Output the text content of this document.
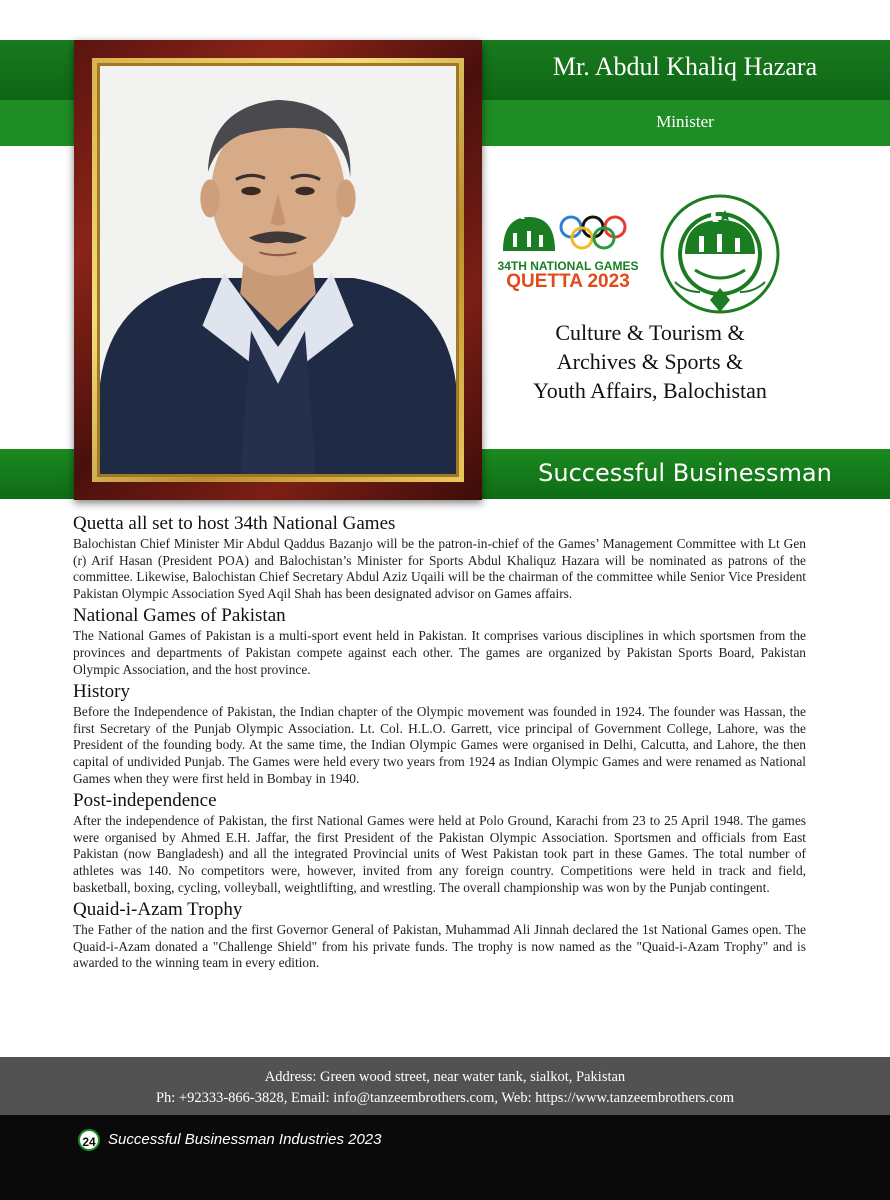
Mr. Abdul Khaliq Hazara
Minister
Successful Businessman
34TH NATIONAL GAMES
QUETTA 2023
Culture & Tourism &
Archives & Sports &
Youth Affairs, Balochistan
Quetta all set to host 34th National Games

Balochistan Chief Minister Mir Abdul Qaddus Bazanjo will be the patron-in-chief of the Games’ Management Committee with Lt Gen (r) Arif Hasan (President POA) and Balochistan’s Minister for Sports Abdul Khaliquz Hazara will be nominated as patrons of the committee. Likewise, Balochistan Chief Secretary Abdul Aziz Uqaili will be the chairman of the committee while Senior Vice President Pakistan Olympic Association Syed Aqil Shah has been designated advisor on Games affairs.

National Games of Pakistan

The National Games of Pakistan is a multi-sport event held in Pakistan. It comprises various disciplines in which sportsmen from the provinces and departments of Pakistan compete against each other. The games are organized by Pakistan Sports Board, Pakistan Olympic Association, and the host province.

History

Before the Independence of Pakistan, the Indian chapter of the Olympic movement was founded in 1924. The founder was Hassan, the first Secretary of the Punjab Olympic Association. Lt. Col. H.L.O. Garrett, vice principal of Government College, Lahore, was the President of the founding body. At the same time, the Indian Olympic Games were organised in Delhi, Calcutta, and Lahore, the then capital of undivided Punjab. The Games were held every two years from 1924 as Indian Olympic Games and were renamed as National Games when they were first held in Bombay in 1940.

Post-independence

After the independence of Pakistan, the first National Games were held at Polo Ground, Karachi from 23 to 25 April 1948. The games were organised by Ahmed E.H. Jaffar, the first President of the Pakistan Olympic Association. Sportsmen and officials from East Pakistan (now Bangladesh) and all the integrated Provincial units of West Pakistan took part in these Games. The total number of athletes was 140. No competitors were, however, invited from any foreign country. Competitions were held in track and field, basketball, boxing, cycling, volleyball, weightlifting, and wrestling. The overall championship was won by the Punjab contingent.

Quaid-i-Azam Trophy

The Father of the nation and the first Governor General of Pakistan, Muhammad Ali Jinnah declared the 1st National Games open. The Quaid-i-Azam donated a "Challenge Shield" from his private funds. The trophy is now named as the "Quaid-i-Azam Trophy" and is awarded to the winning team in every edition.

Address: Green wood street, near water tank, sialkot, Pakistan
Ph: +92333-866-3828, Email: info@tanzeembrothers.com, Web: https://www.tanzeembrothers.com
24 Successful Businessman Industries 2023
